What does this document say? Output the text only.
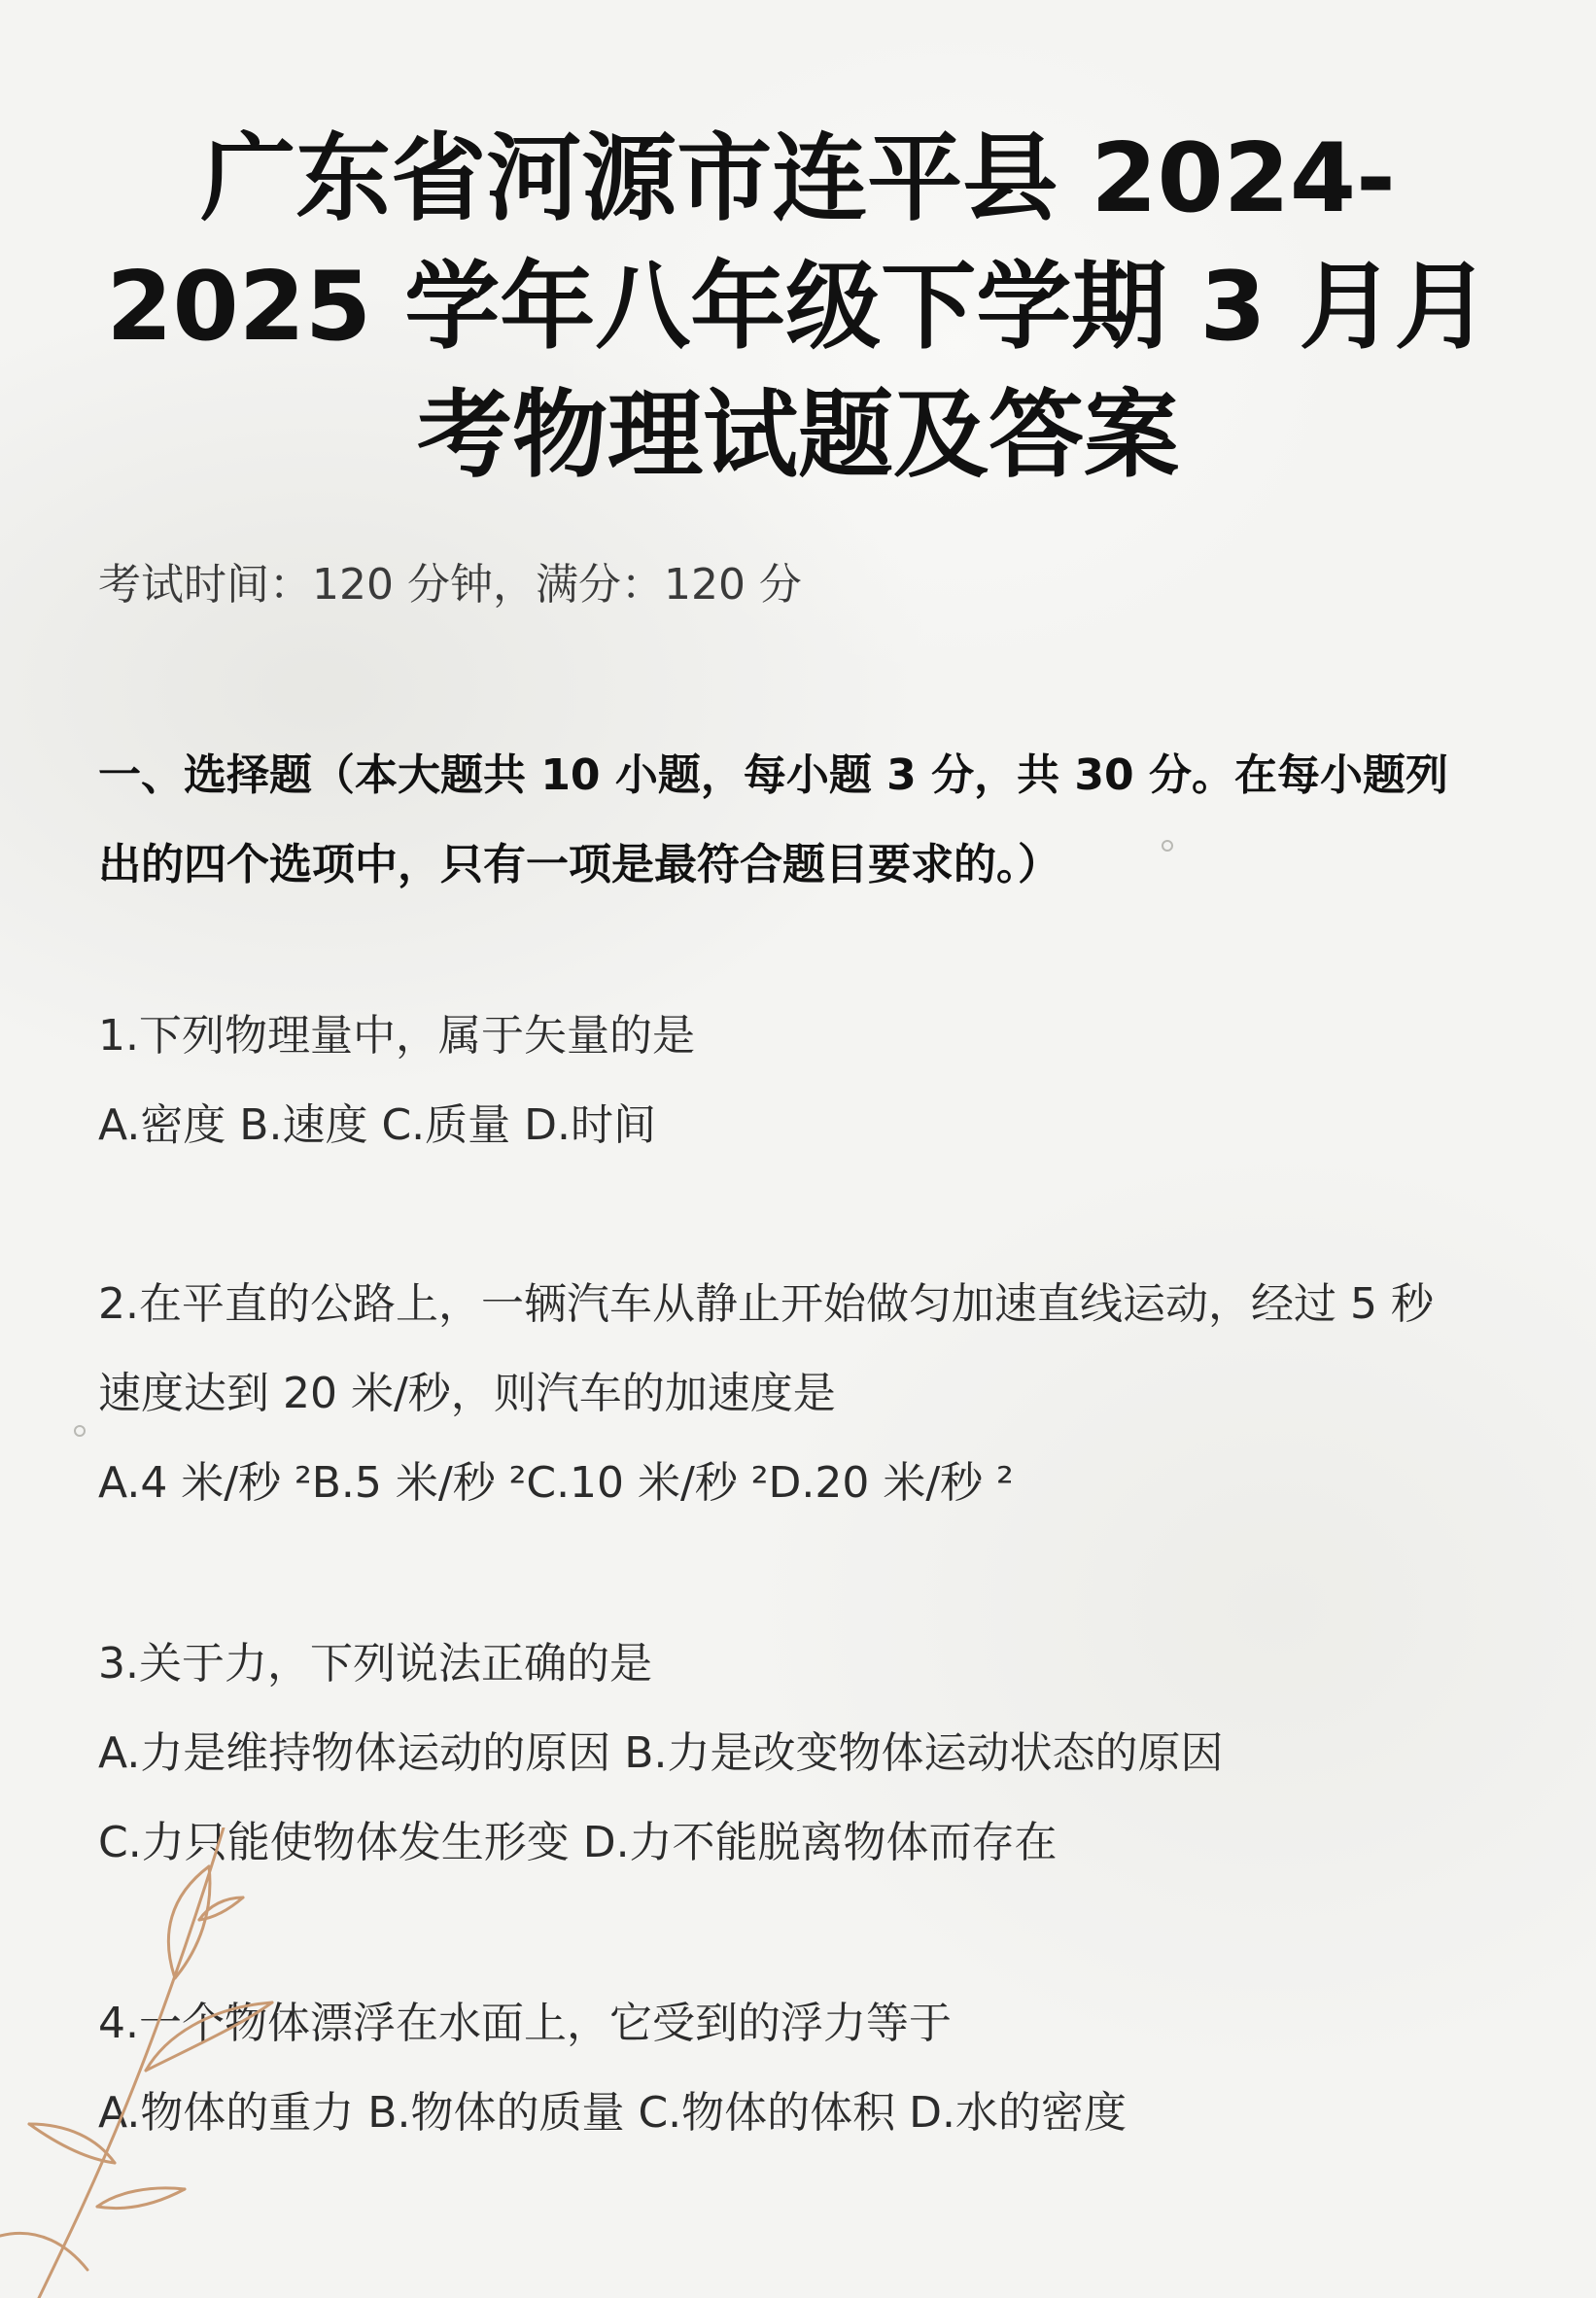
广东省河源市连平县 2024-
2025 学年八年级下学期 3 月月
考物理试题及答案

考试时间：120 分钟，满分：120 分

一、选择题（本大题共 10 小题，每小题 3 分，共 30 分。在每小题列
出的四个选项中，只有一项是最符合题目要求的。）
1.下列物理量中，属于矢量的是
A.密度 B.速度 C.质量 D.时间
2.在平直的公路上，一辆汽车从静止开始做匀加速直线运动，经过 5 秒
速度达到 20 米/秒，则汽车的加速度是
A.4 米/秒 ²B.5 米/秒 ²C.10 米/秒 ²D.20 米/秒 ²
3.关于力，下列说法正确的是
A.力是维持物体运动的原因 B.力是改变物体运动状态的原因
C.力只能使物体发生形变 D.力不能脱离物体而存在
4.一个物体漂浮在水面上，它受到的浮力等于
A.物体的重力 B.物体的质量 C.物体的体积 D.水的密度
